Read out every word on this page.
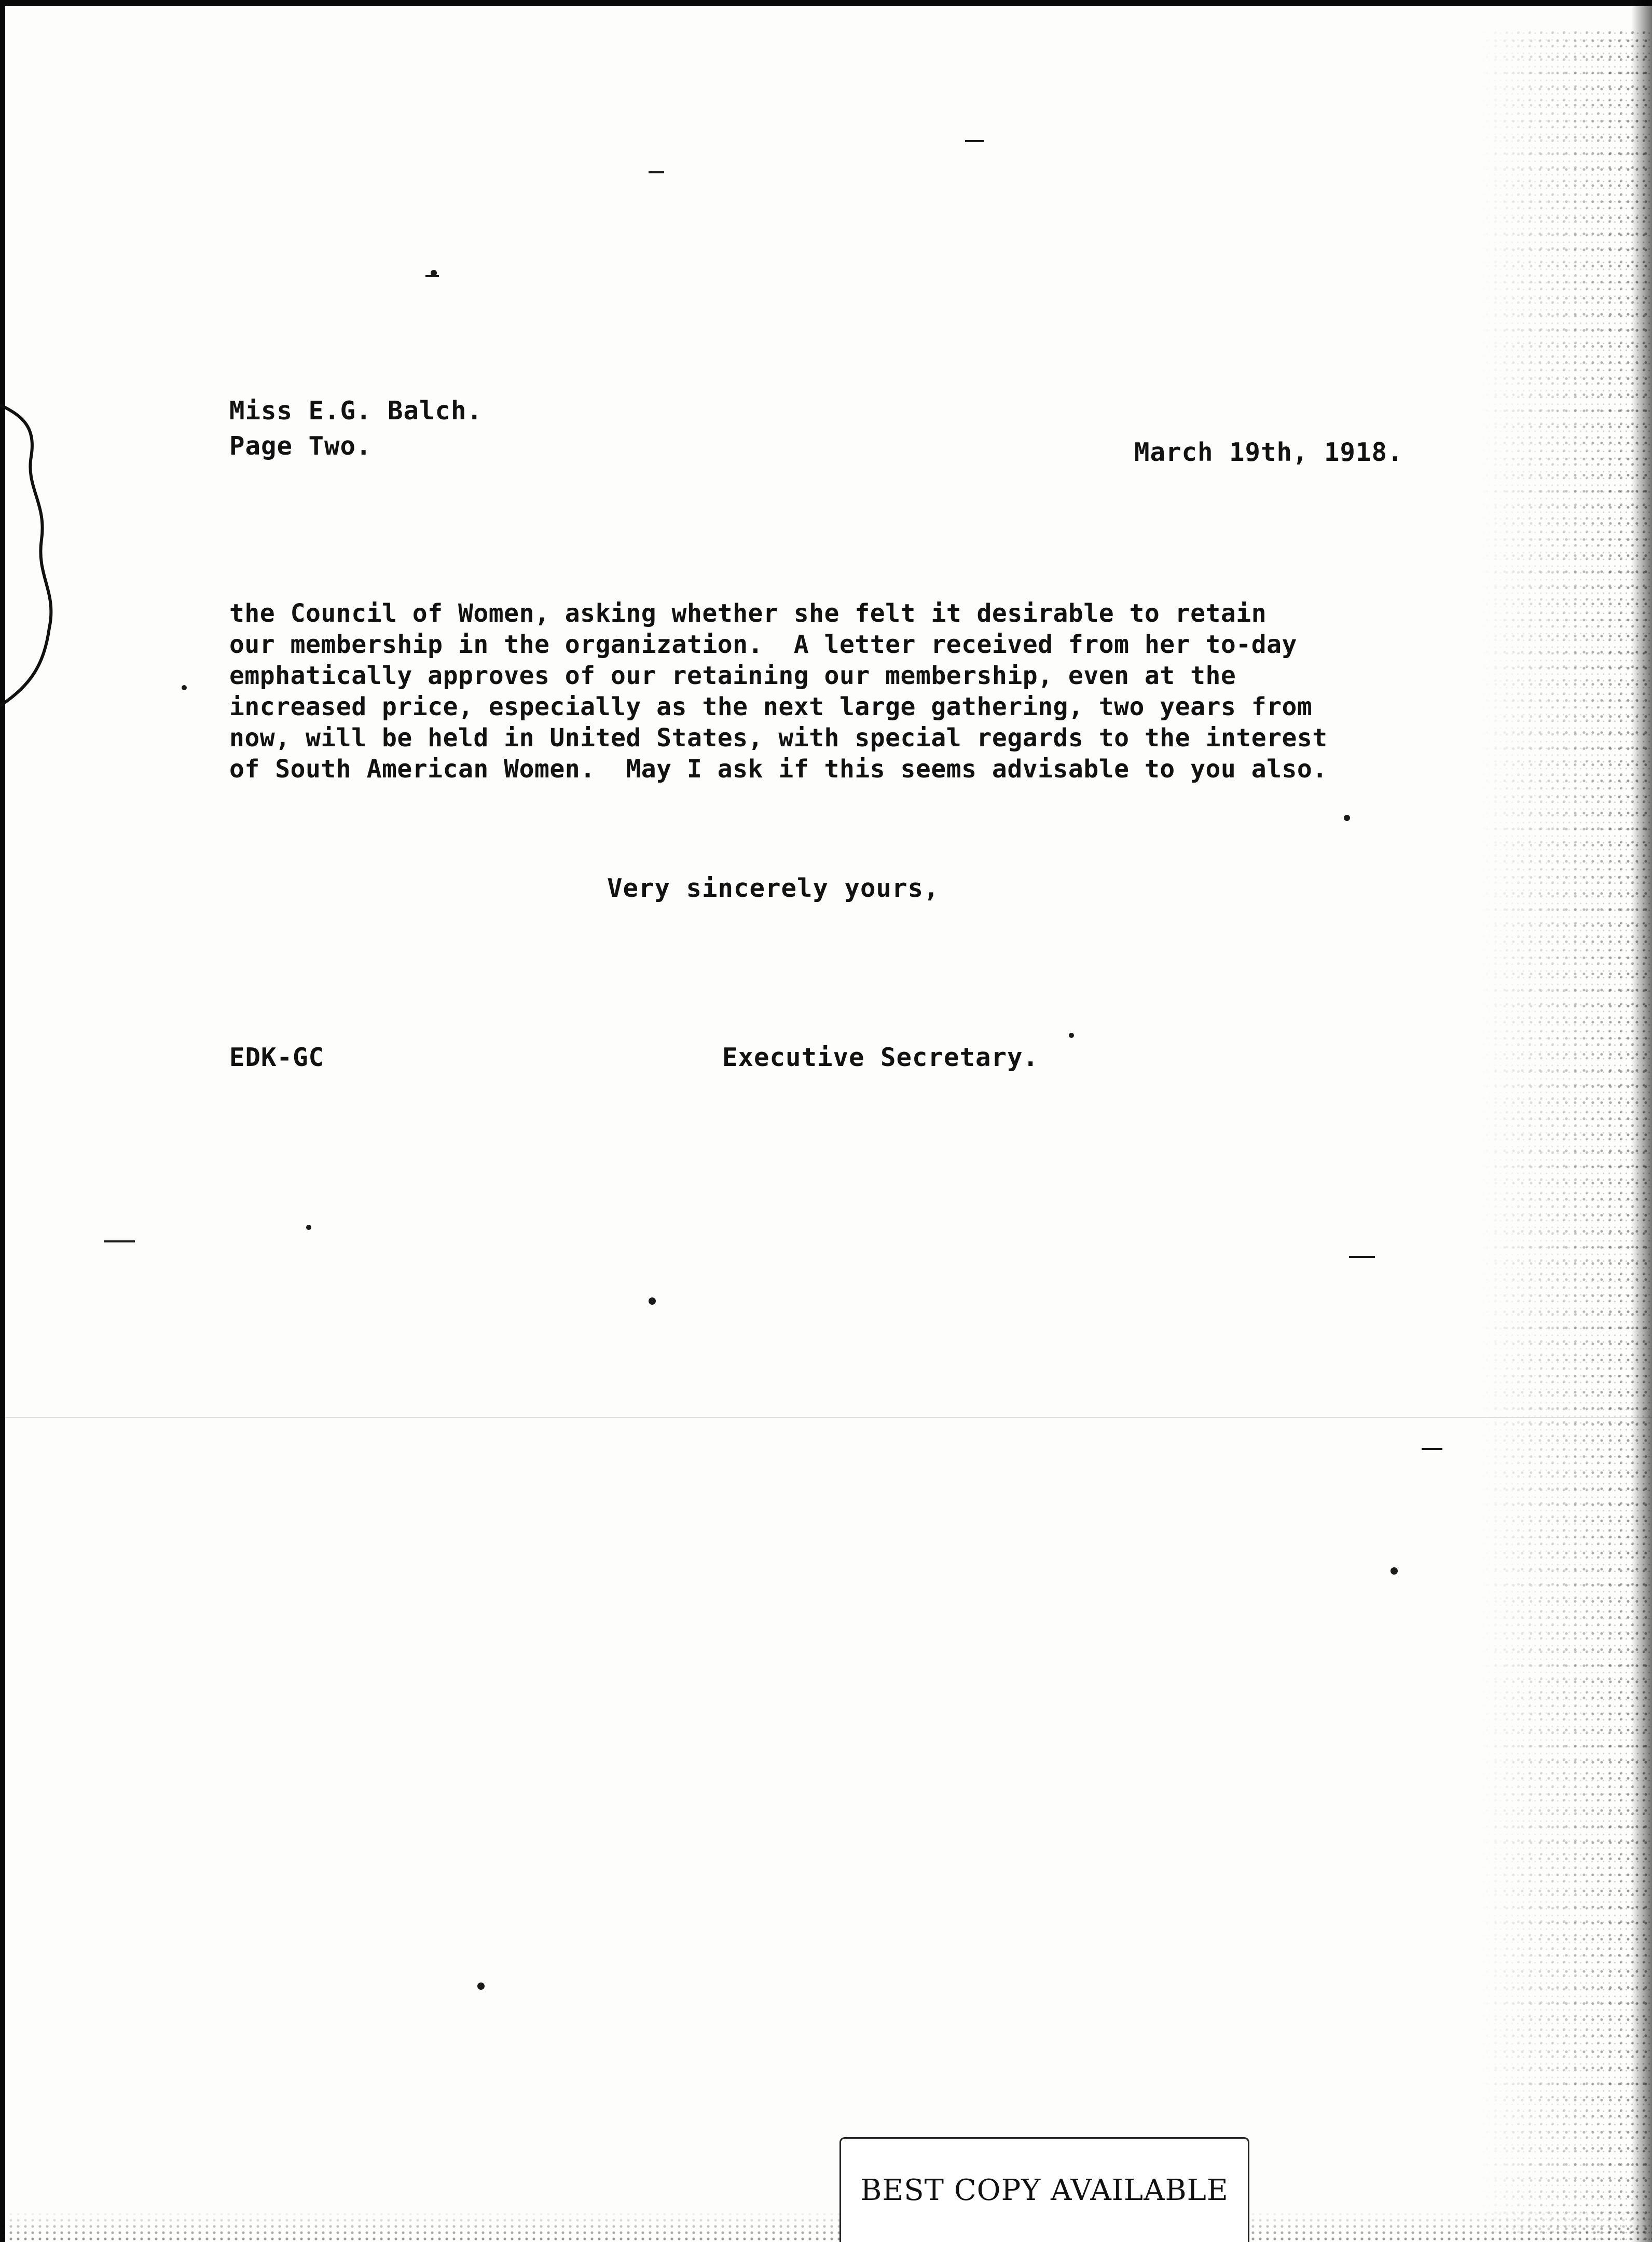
Miss E.G. Balch.
Page Two.	March 19th, 1918.
the Council of Women, asking whether she felt it desirable to retain
our membership in the organization.  A letter received from her to-day
emphatically approves of our retaining our membership, even at the
increased price, especially as the next large gathering, two years from
now, will be held in United States, with special regards to the interest
of South American Women.  May I ask if this seems advisable to you also.
Very sincerely yours,
EDK-GC	Executive Secretary.
BEST COPY AVAILABLE
